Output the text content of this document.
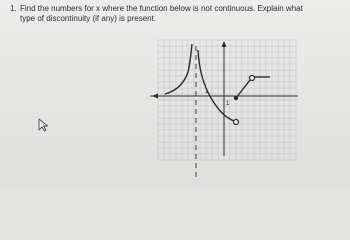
1. Find the numbers for x where the function below is not continuous. Explain what type of discontinuity (if any) is present.
1
1
